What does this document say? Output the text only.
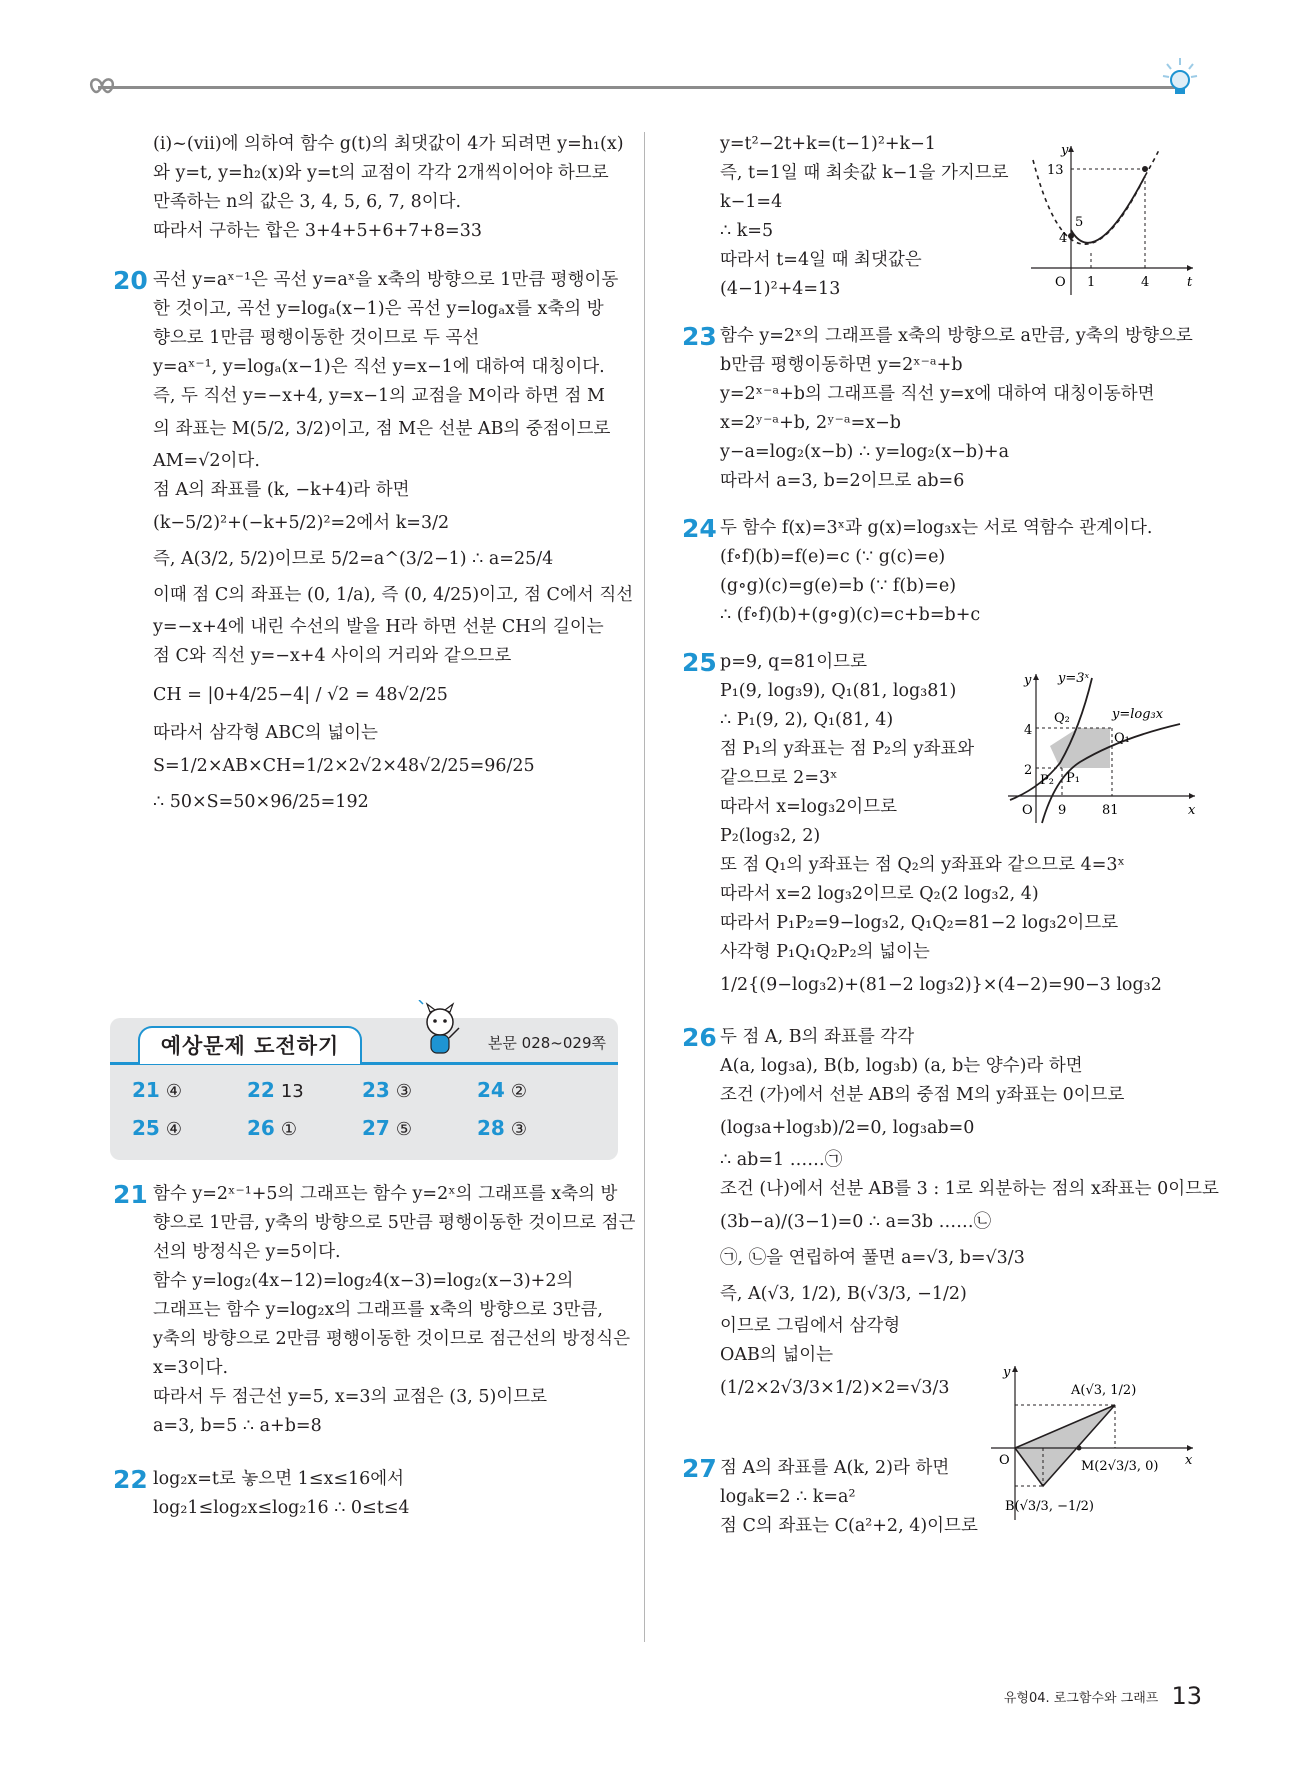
(ⅰ)~(ⅶ)에 의하여 함수 g(t)의 최댓값이 4가 되려면 y=h₁(x)
와 y=t, y=h₂(x)와 y=t의 교점이 각각 2개씩이어야 하므로
만족하는 n의 값은 3, 4, 5, 6, 7, 8이다.
따라서 구하는 합은 3+4+5+6+7+8=33
20 곡선 y=aˣ⁻¹은 곡선 y=aˣ을 x축의 방향으로 1만큼 평행이동
한 것이고, 곡선 y=logₐ(x−1)은 곡선 y=logₐx를 x축의 방
향으로 1만큼 평행이동한 것이므로 두 곡선
y=aˣ⁻¹, y=logₐ(x−1)은 직선 y=x−1에 대하여 대칭이다.
즉, 두 직선 y=−x+4, y=x−1의 교점을 M이라 하면 점 M
의 좌표는 M(5/2, 3/2)이고, 점 M은 선분 AB의 중점이므로
AM=√2이다.
점 A의 좌표를 (k, −k+4)라 하면
(k−5/2)²+(−k+5/2)²=2에서 k=3/2
즉, A(3/2, 5/2)이므로 5/2=a^(3/2−1) ∴ a=25/4
이때 점 C의 좌표는 (0, 1/a), 즉 (0, 4/25)이고, 점 C에서 직선
y=−x+4에 내린 수선의 발을 H라 하면 선분 CH의 길이는
점 C와 직선 y=−x+4 사이의 거리와 같으므로
CH = |0+4/25−4| / √2 = 48√2/25
따라서 삼각형 ABC의 넓이는
S=1/2×AB×CH=1/2×2√2×48√2/25=96/25
∴ 50×S=50×96/25=192
예상문제 도전하기	본문 028~029쪽
21 ④	22 13	23 ③	24 ②
25 ④	26 ①	27 ⑤	28 ③
21 함수 y=2ˣ⁻¹+5의 그래프는 함수 y=2ˣ의 그래프를 x축의 방
향으로 1만큼, y축의 방향으로 5만큼 평행이동한 것이므로 점근
선의 방정식은 y=5이다.
함수 y=log₂(4x−12)=log₂4(x−3)=log₂(x−3)+2의
그래프는 함수 y=log₂x의 그래프를 x축의 방향으로 3만큼,
y축의 방향으로 2만큼 평행이동한 것이므로 점근선의 방정식은
x=3이다.
따라서 두 점근선 y=5, x=3의 교점은 (3, 5)이므로
a=3, b=5 ∴ a+b=8
22 log₂x=t로 놓으면 1≤x≤16에서
log₂1≤log₂x≤log₂16 ∴ 0≤t≤4
y=t²−2t+k=(t−1)²+k−1
즉, t=1일 때 최솟값 k−1을 가지므로
k−1=4
∴ k=5
따라서 t=4일 때 최댓값은
(4−1)²+4=13
23 함수 y=2ˣ의 그래프를 x축의 방향으로 a만큼, y축의 방향으로
b만큼 평행이동하면 y=2ˣ⁻ᵃ+b
y=2ˣ⁻ᵃ+b의 그래프를 직선 y=x에 대하여 대칭이동하면
x=2ʸ⁻ᵃ+b, 2ʸ⁻ᵃ=x−b
y−a=log₂(x−b) ∴ y=log₂(x−b)+a
따라서 a=3, b=2이므로 ab=6
24 두 함수 f(x)=3ˣ과 g(x)=log₃x는 서로 역함수 관계이다.
(f∘f)(b)=f(e)=c (∵ g(c)=e)
(g∘g)(c)=g(e)=b (∵ f(b)=e)
∴ (f∘f)(b)+(g∘g)(c)=c+b=b+c
25 p=9, q=81이므로
P₁(9, log₃9), Q₁(81, log₃81)
∴ P₁(9, 2), Q₁(81, 4)
점 P₁의 y좌표는 점 P₂의 y좌표와
같으므로 2=3ˣ
따라서 x=log₃2이므로
P₂(log₃2, 2)
또 점 Q₁의 y좌표는 점 Q₂의 y좌표와 같으므로 4=3ˣ
따라서 x=2 log₃2이므로 Q₂(2 log₃2, 4)
따라서 P₁P₂=9−log₃2, Q₁Q₂=81−2 log₃2이므로
사각형 P₁Q₁Q₂P₂의 넓이는
1/2{(9−log₃2)+(81−2 log₃2)}×(4−2)=90−3 log₃2
26 두 점 A, B의 좌표를 각각
A(a, log₃a), B(b, log₃b) (a, b는 양수)라 하면
조건 (가)에서 선분 AB의 중점 M의 y좌표는 0이므로
(log₃a+log₃b)/2=0, log₃ab=0
∴ ab=1 ……㉠
조건 (나)에서 선분 AB를 3 : 1로 외분하는 점의 x좌표는 0이므로
(3b−a)/(3−1)=0 ∴ a=3b ……㉡
㉠, ㉡을 연립하여 풀면 a=√3, b=√3/3
즉, A(√3, 1/2), B(√3/3, −1/2)
이므로 그림에서 삼각형
OAB의 넓이는
(1/2×2√3/3×1/2)×2=√3/3
27 점 A의 좌표를 A(k, 2)라 하면
logₐk=2 ∴ k=a²
점 C의 좌표는 C(a²+2, 4)이므로
y
t
O 1	4
13
5
4
y
x
O
y=3ˣ
y=log₃x
Q₂
Q₁
P₂ P₁
4
2
9	81
y
x
O
A(√3, 1/2)
M(2√3/3, 0)
B(√3/3, −1/2)
유형04. 로그함수와 그래프 13
